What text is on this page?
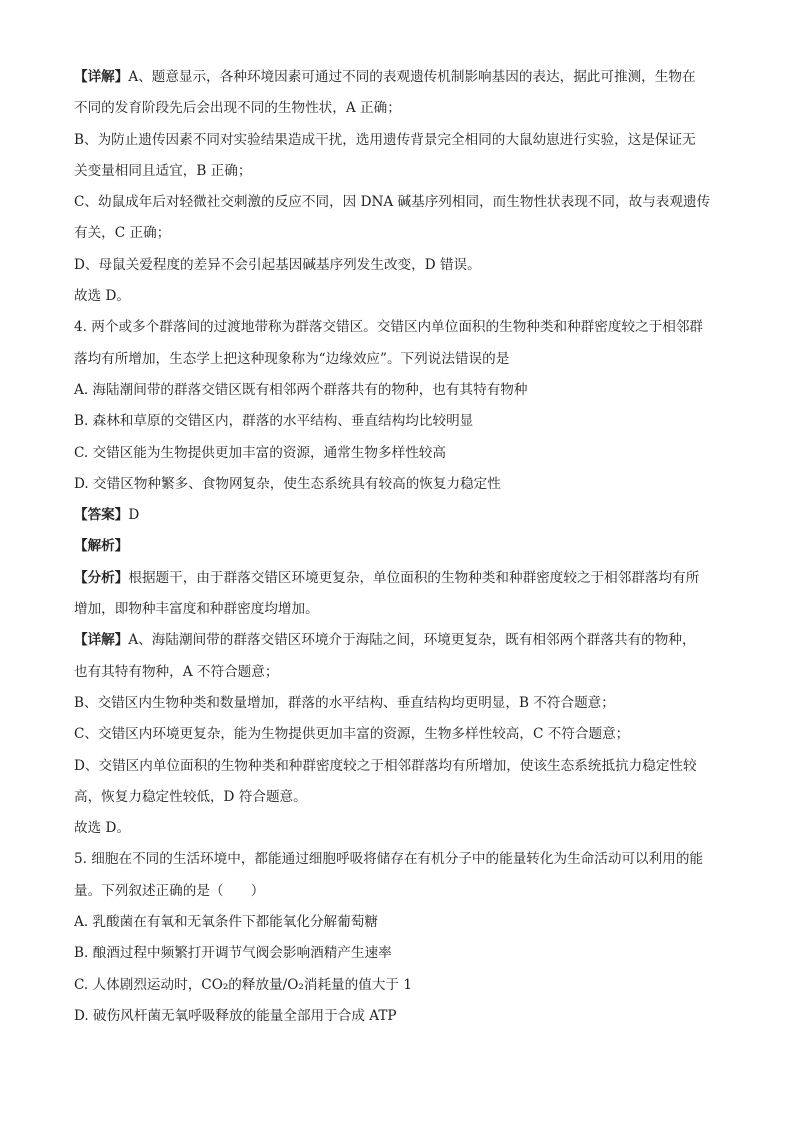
【详解】A、题意显示，各种环境因素可通过不同的表观遗传机制影响基因的表达，据此可推测，生物在
不同的发育阶段先后会出现不同的生物性状，A 正确；
B、为防止遗传因素不同对实验结果造成干扰，选用遗传背景完全相同的大鼠幼崽进行实验，这是保证无
关变量相同且适宜，B 正确；
C、幼鼠成年后对轻微社交刺激的反应不同，因 DNA 碱基序列相同，而生物性状表现不同，故与表观遗传
有关，C 正确；
D、母鼠关爱程度的差异不会引起基因碱基序列发生改变，D 错误。
故选 D。
4. 两个或多个群落间的过渡地带称为群落交错区。交错区内单位面积的生物种类和种群密度较之于相邻群
落均有所增加，生态学上把这种现象称为“边缘效应”。下列说法错误的是
A. 海陆潮间带的群落交错区既有相邻两个群落共有的物种，也有其特有物种
B. 森林和草原的交错区内，群落的水平结构、垂直结构均比较明显
C. 交错区能为生物提供更加丰富的资源，通常生物多样性较高
D. 交错区物种繁多、食物网复杂，使生态系统具有较高的恢复力稳定性
【答案】D
【解析】
【分析】根据题干，由于群落交错区环境更复杂，单位面积的生物种类和种群密度较之于相邻群落均有所
增加，即物种丰富度和种群密度均增加。
【详解】A、海陆潮间带的群落交错区环境介于海陆之间，环境更复杂，既有相邻两个群落共有的物种，
也有其特有物种，A 不符合题意；
B、交错区内生物种类和数量增加，群落的水平结构、垂直结构均更明显，B 不符合题意；
C、交错区内环境更复杂，能为生物提供更加丰富的资源，生物多样性较高，C 不符合题意；
D、交错区内单位面积的生物种类和种群密度较之于相邻群落均有所增加，使该生态系统抵抗力稳定性较
高，恢复力稳定性较低，D 符合题意。
故选 D。
5. 细胞在不同的生活环境中，都能通过细胞呼吸将储存在有机分子中的能量转化为生命活动可以利用的能
量。下列叙述正确的是（　　）
A. 乳酸菌在有氧和无氧条件下都能氧化分解葡萄糖
B. 酿酒过程中频繁打开调节气阀会影响酒精产生速率
C. 人体剧烈运动时，CO₂的释放量/O₂消耗量的值大于 1
D. 破伤风杆菌无氧呼吸释放的能量全部用于合成 ATP
